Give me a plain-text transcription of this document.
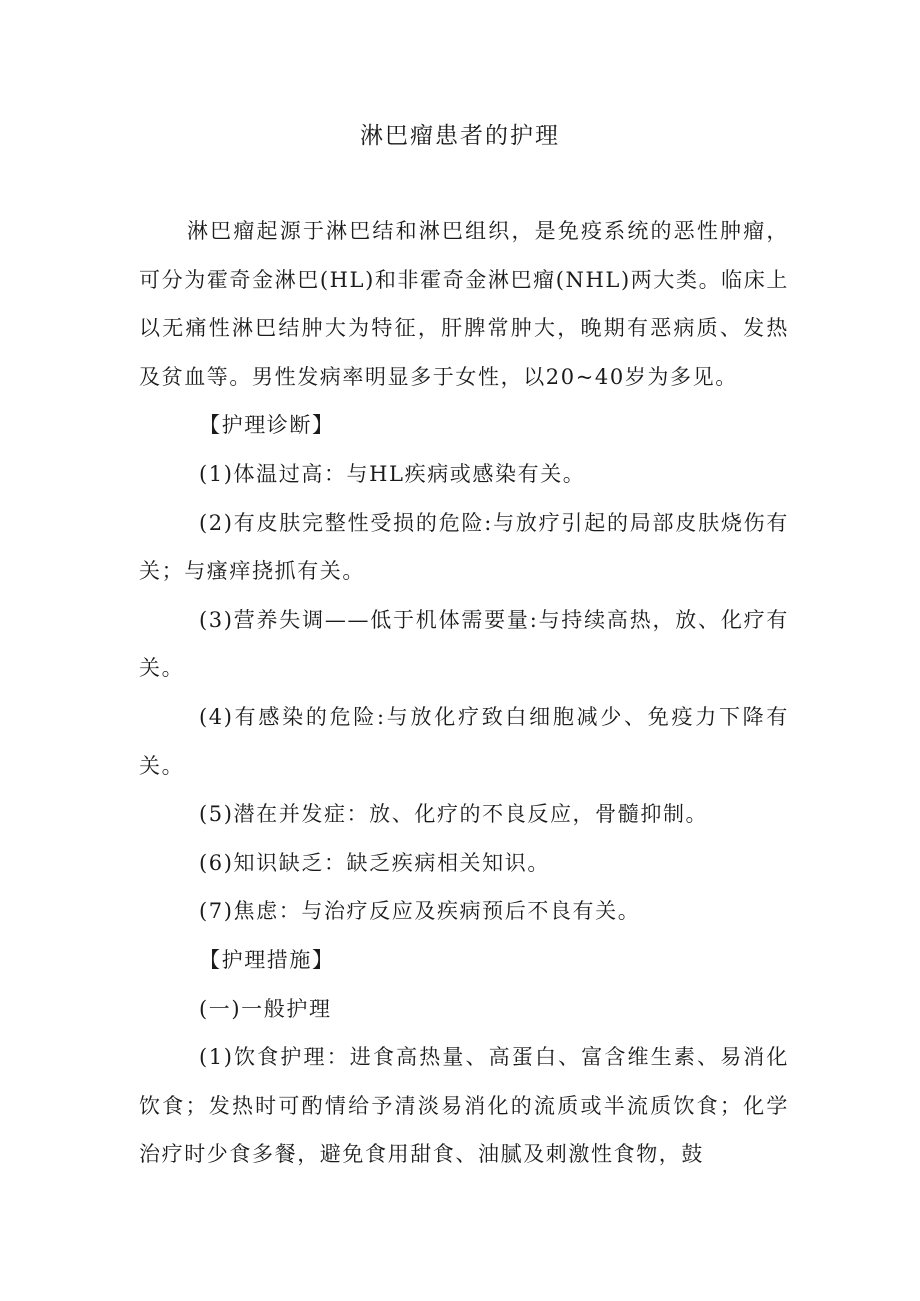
淋巴瘤患者的护理

淋巴瘤起源于淋巴结和淋巴组织，是免疫系统的恶性肿瘤，可分为霍奇金淋巴(HL)和非霍奇金淋巴瘤(NHL)两大类。临床上以无痛性淋巴结肿大为特征，肝脾常肿大，晚期有恶病质、发热及贫血等。男性发病率明显多于女性，以20~40岁为多见。

【护理诊断】

(1)体温过高：与HL疾病或感染有关。

(2)有皮肤完整性受损的危险:与放疗引起的局部皮肤烧伤有关；与瘙痒挠抓有关。

(3)营养失调——低于机体需要量:与持续高热，放、化疗有关。

(4)有感染的危险:与放化疗致白细胞减少、免疫力下降有关。

(5)潜在并发症：放、化疗的不良反应，骨髓抑制。

(6)知识缺乏：缺乏疾病相关知识。

(7)焦虑：与治疗反应及疾病预后不良有关。

【护理措施】

(一)一般护理

(1)饮食护理：进食高热量、高蛋白、富含维生素、易消化饮食；发热时可酌情给予清淡易消化的流质或半流质饮食；化学治疗时少食多餐，避免食用甜食、油腻及刺激性食物，鼓
